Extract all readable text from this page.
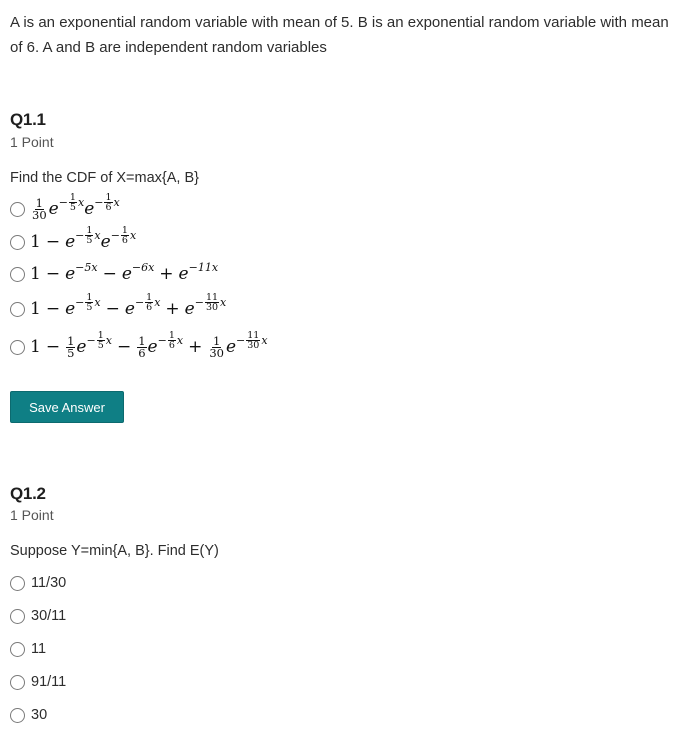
A is an exponential random variable with mean of 5. B is an exponential random variable with mean of 6. A and B are independent random variables
Q1.1
1 Point
Find the CDF of X=max{A, B}
$\frac{1}{30}$ $e - \frac{1}{5}$ x $e - \frac{1}{6}$ x
$1 - e - \frac{1}{5}$ x $e - \frac{1}{6}$ x
1 − e −5x − e −6x + e −11x
$1 - e - \frac{1}{5}$ $x - e - \frac{1}{6}$ $x + e - \frac{11}{30}$ x
$1 - \frac{1}{5}$ $e - \frac{1}{5}$ $x - \frac{1}{6}$ $e - \frac{1}{6}$ $x + \frac{1}{30}$ $e - \frac{11}{30}$ x
Save Answer
Q1.2
1 Point
Suppose Y=min{A, B}. Find E(Y)
11/30
30/11
11
91/11
30
